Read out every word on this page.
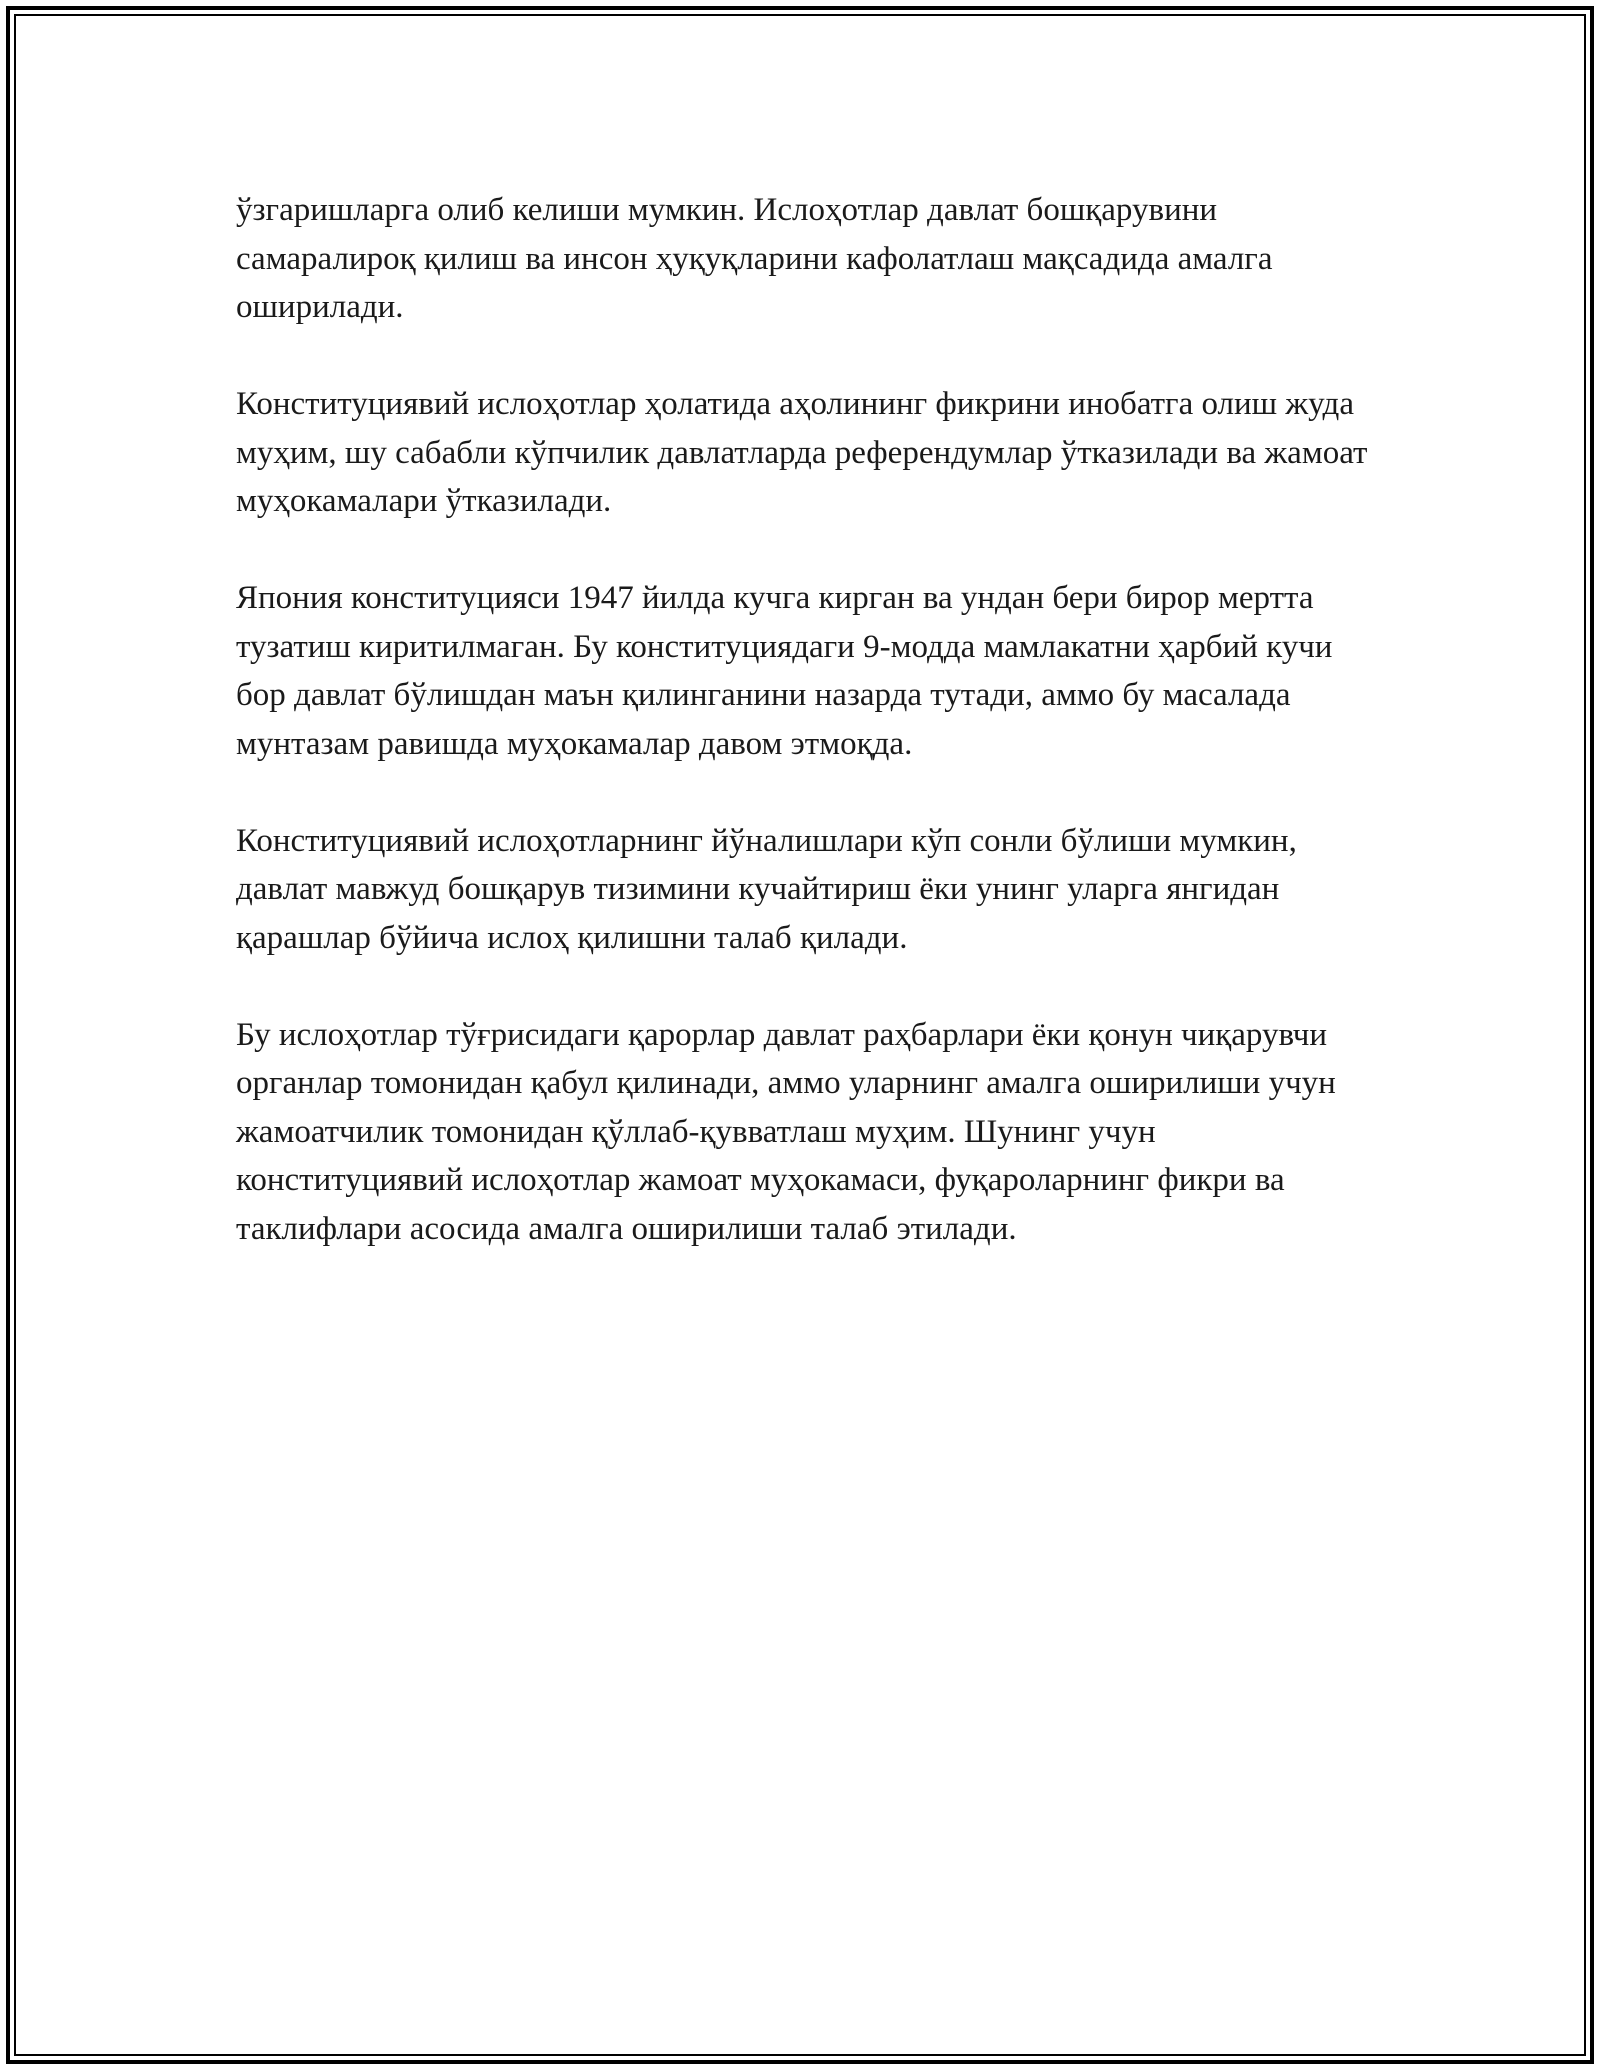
ўзгаришларга олиб келиши мумкин. Ислоҳотлар давлат бошқарувини самаралироқ қилиш ва инсон ҳуқуқларини кафолатлаш мақсадида амалга оширилади.

Конституциявий ислоҳотлар ҳолатида аҳолининг фикрини инобатга олиш жуда муҳим, шу сабабли кўпчилик давлатларда референдумлар ўтказилади ва жамоат муҳокамалари ўтказилади.

Япония конституцияси 1947 йилда кучга кирган ва ундан бери бирор мертта тузатиш киритилмаган. Бу конституциядаги 9-модда мамлакатни ҳарбий кучи бор давлат бўлишдан маън қилинганини назарда тутади, аммо бу масалада мунтазам равишда муҳокамалар давом этмоқда.

Конституциявий ислоҳотларнинг йўналишлари кўп сонли бўлиши мумкин, давлат мавжуд бошқарув тизимини кучайтириш ёки унинг уларга янгидан қарашлар бўйича ислоҳ қилишни талаб қилади.

Бу ислоҳотлар тўғрисидаги қарорлар давлат раҳбарлари ёки қонун чиқарувчи органлар томонидан қабул қилинади, аммо уларнинг амалга оширилиши учун жамоатчилик томонидан қўллаб-қувватлаш муҳим. Шунинг учун конституциявий ислоҳотлар жамоат муҳокамаси, фуқароларнинг фикри ва таклифлари асосида амалга оширилиши талаб этилади.
